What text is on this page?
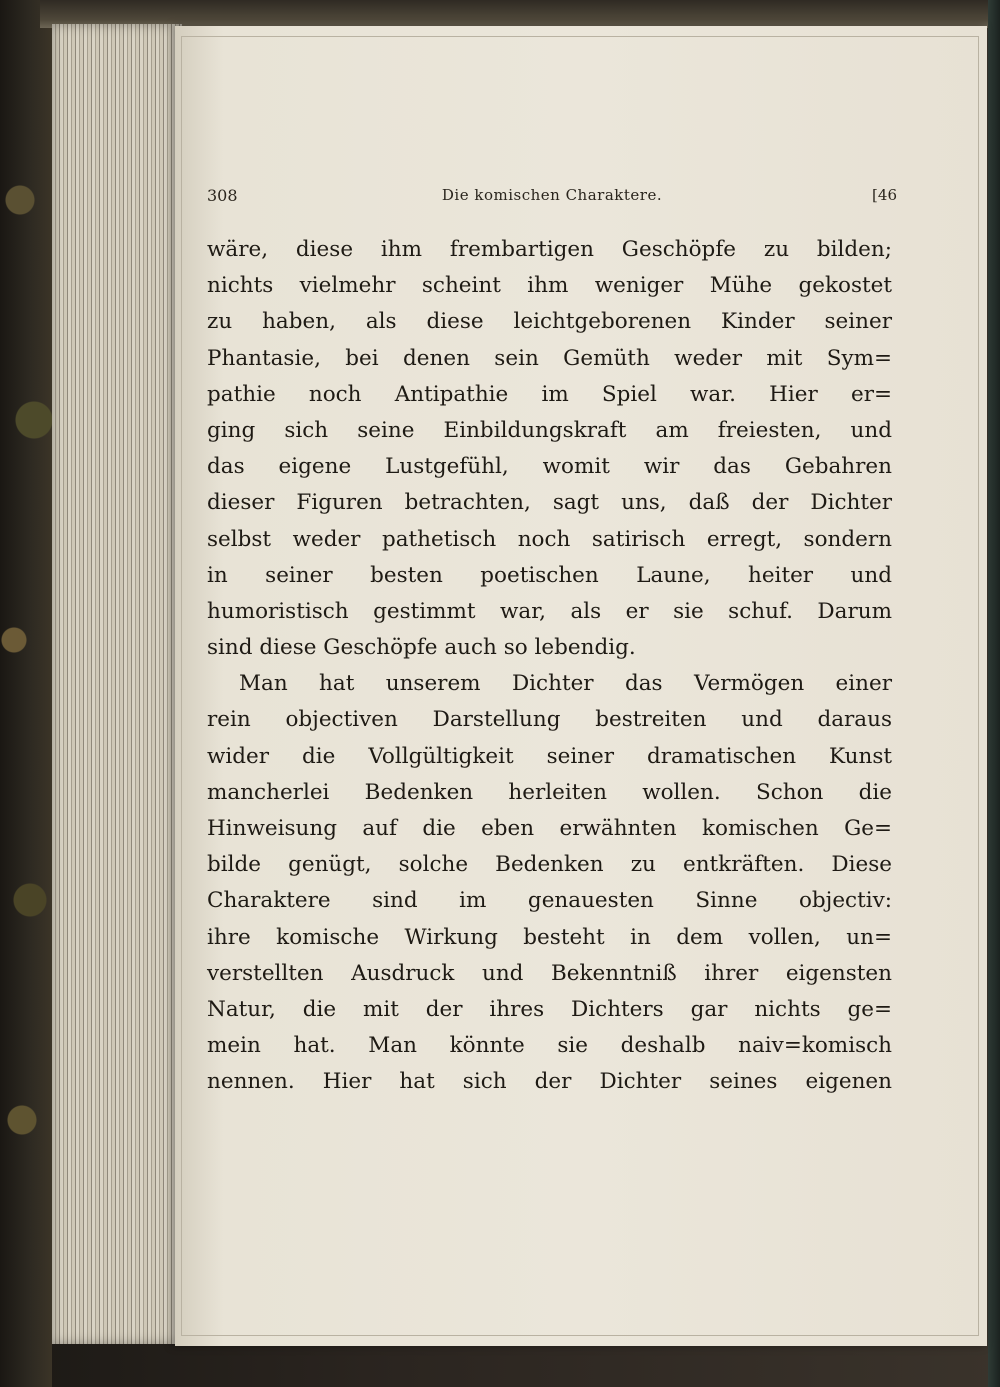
308	Die komischen Charaktere.	[46
wäre, diese ihm frembartigen Geschöpfe zu bilden;
nichts vielmehr scheint ihm weniger Mühe gekostet
zu haben, als diese leichtgeborenen Kinder seiner
Phantasie, bei denen sein Gemüth weder mit Sym=
pathie noch Antipathie im Spiel war. Hier er=
ging sich seine Einbildungskraft am freiesten, und
das eigene Lustgefühl, womit wir das Gebahren
dieser Figuren betrachten, sagt uns, daß der Dichter
selbst weder pathetisch noch satirisch erregt, sondern
in seiner besten poetischen Laune, heiter und
humoristisch gestimmt war, als er sie schuf. Darum
sind diese Geschöpfe auch so lebendig.
Man hat unserem Dichter das Vermögen einer
rein objectiven Darstellung bestreiten und daraus
wider die Vollgültigkeit seiner dramatischen Kunst
mancherlei Bedenken herleiten wollen. Schon die
Hinweisung auf die eben erwähnten komischen Ge=
bilde genügt, solche Bedenken zu entkräften. Diese
Charaktere sind im genauesten Sinne objectiv:
ihre komische Wirkung besteht in dem vollen, un=
verstellten Ausdruck und Bekenntniß ihrer eigensten
Natur, die mit der ihres Dichters gar nichts ge=
mein hat. Man könnte sie deshalb naiv=komisch
nennen. Hier hat sich der Dichter seines eigenen
